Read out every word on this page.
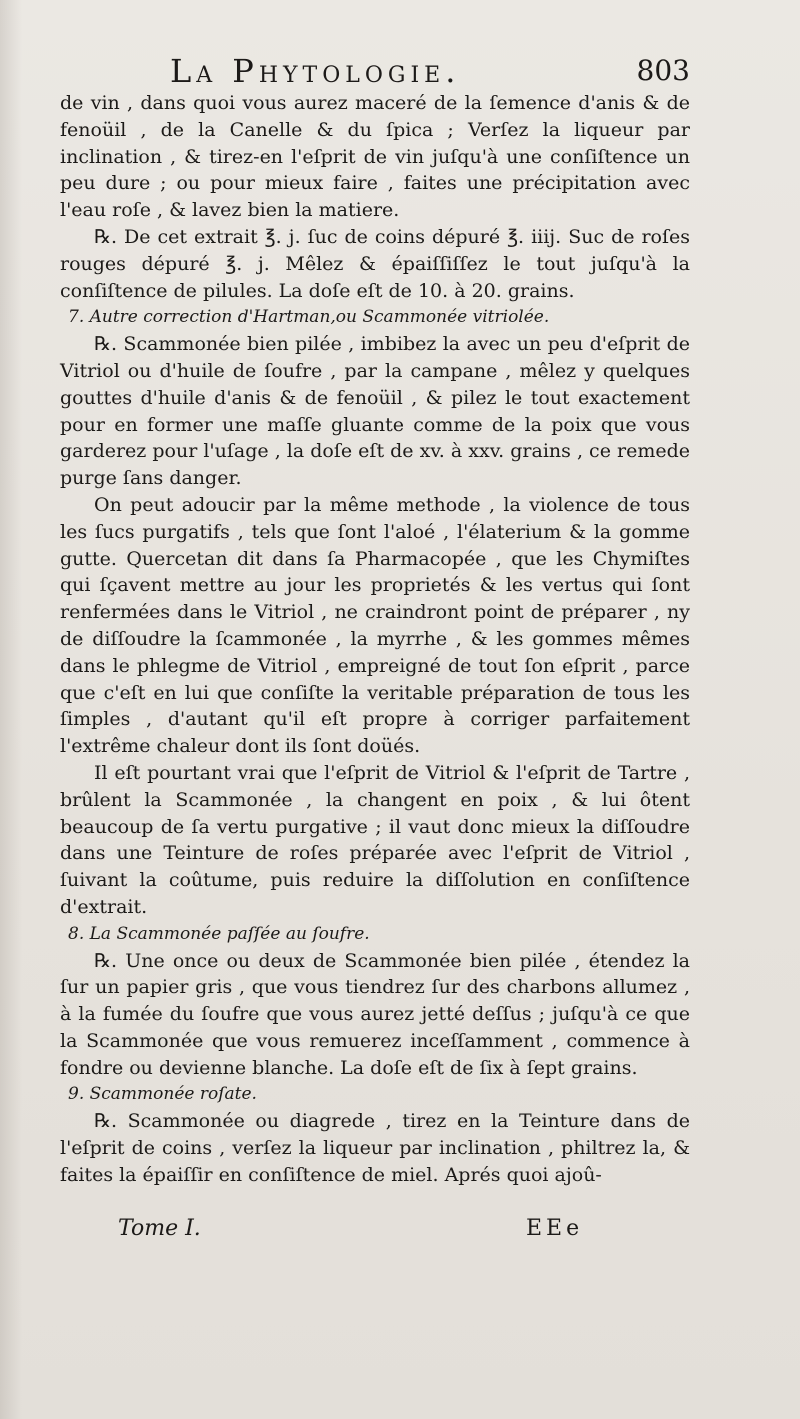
La Phytologie.	803

de vin , dans quoi vous aurez maceré de la ſemence d'anis & de fenoüil , de la Canelle & du ſpica ; Verſez la liqueur par inclination , & tirez-en l'eſprit de vin juſqu'à une conſiſtence un peu dure ; ou pour mieux faire , faites une précipitation avec l'eau roſe , & lavez bien la matiere.

℞. De cet extrait ℥. j. ſuc de coins dépuré ℥. iiij. Suc de roſes rouges dépuré ℥. j. Mêlez & épaiſſiſſez le tout juſqu'à la conſiſtence de pilules. La doſe eſt de 10. à 20. grains.

7. Autre correction d'Hartman,ou Scammonée vitriolée.

℞. Scammonée bien pilée , imbibez la avec un peu d'eſprit de Vitriol ou d'huile de ſoufre , par la campane , mêlez y quelques gouttes d'huile d'anis & de fenoüil , & pilez le tout exactement pour en former une maſſe gluante comme de la poix que vous garderez pour l'uſage , la doſe eſt de xv. à xxv. grains , ce remede purge ſans danger.

On peut adoucir par la même methode , la violence de tous les ſucs purgatifs , tels que ſont l'aloé , l'élaterium & la gomme gutte. Quercetan dit dans ſa Pharmacopée , que les Chymiſtes qui ſçavent mettre au jour les proprietés & les vertus qui ſont renfermées dans le Vitriol , ne craindront point de préparer , ny de diſſoudre la ſcammonée , la myrrhe , & les gommes mêmes dans le phlegme de Vitriol , empreigné de tout ſon eſprit , parce que c'eſt en lui que conſiſte la veritable préparation de tous les ſimples , d'autant qu'il eſt propre à corriger parfaitement l'extrême chaleur dont ils ſont doüés.

Il eſt pourtant vrai que l'eſprit de Vitriol & l'eſprit de Tartre , brûlent la Scammonée , la changent en poix , & lui ôtent beaucoup de ſa vertu purgative ; il vaut donc mieux la diſſoudre dans une Teinture de roſes préparée avec l'eſprit de Vitriol , ſuivant la coûtume, puis reduire la diſſolution en conſiſtence d'extrait.

8. La Scammonée paſſée au ſoufre.

℞. Une once ou deux de Scammonée bien pilée , étendez la ſur un papier gris , que vous tiendrez ſur des charbons allumez , à la fumée du ſoufre que vous aurez jetté deſſus ; juſqu'à ce que la Scammonée que vous remuerez inceſſamment , commence à fondre ou devienne blanche. La doſe eſt de ſix à ſept grains.

9. Scammonée roſate.

℞. Scammonée ou diagrede , tirez en la Teinture dans de l'eſprit de coins , verſez la liqueur par inclination , philtrez la, & faites la épaiſſir en conſiſtence de miel. Aprés quoi ajoû-

Tome I.	EEe
